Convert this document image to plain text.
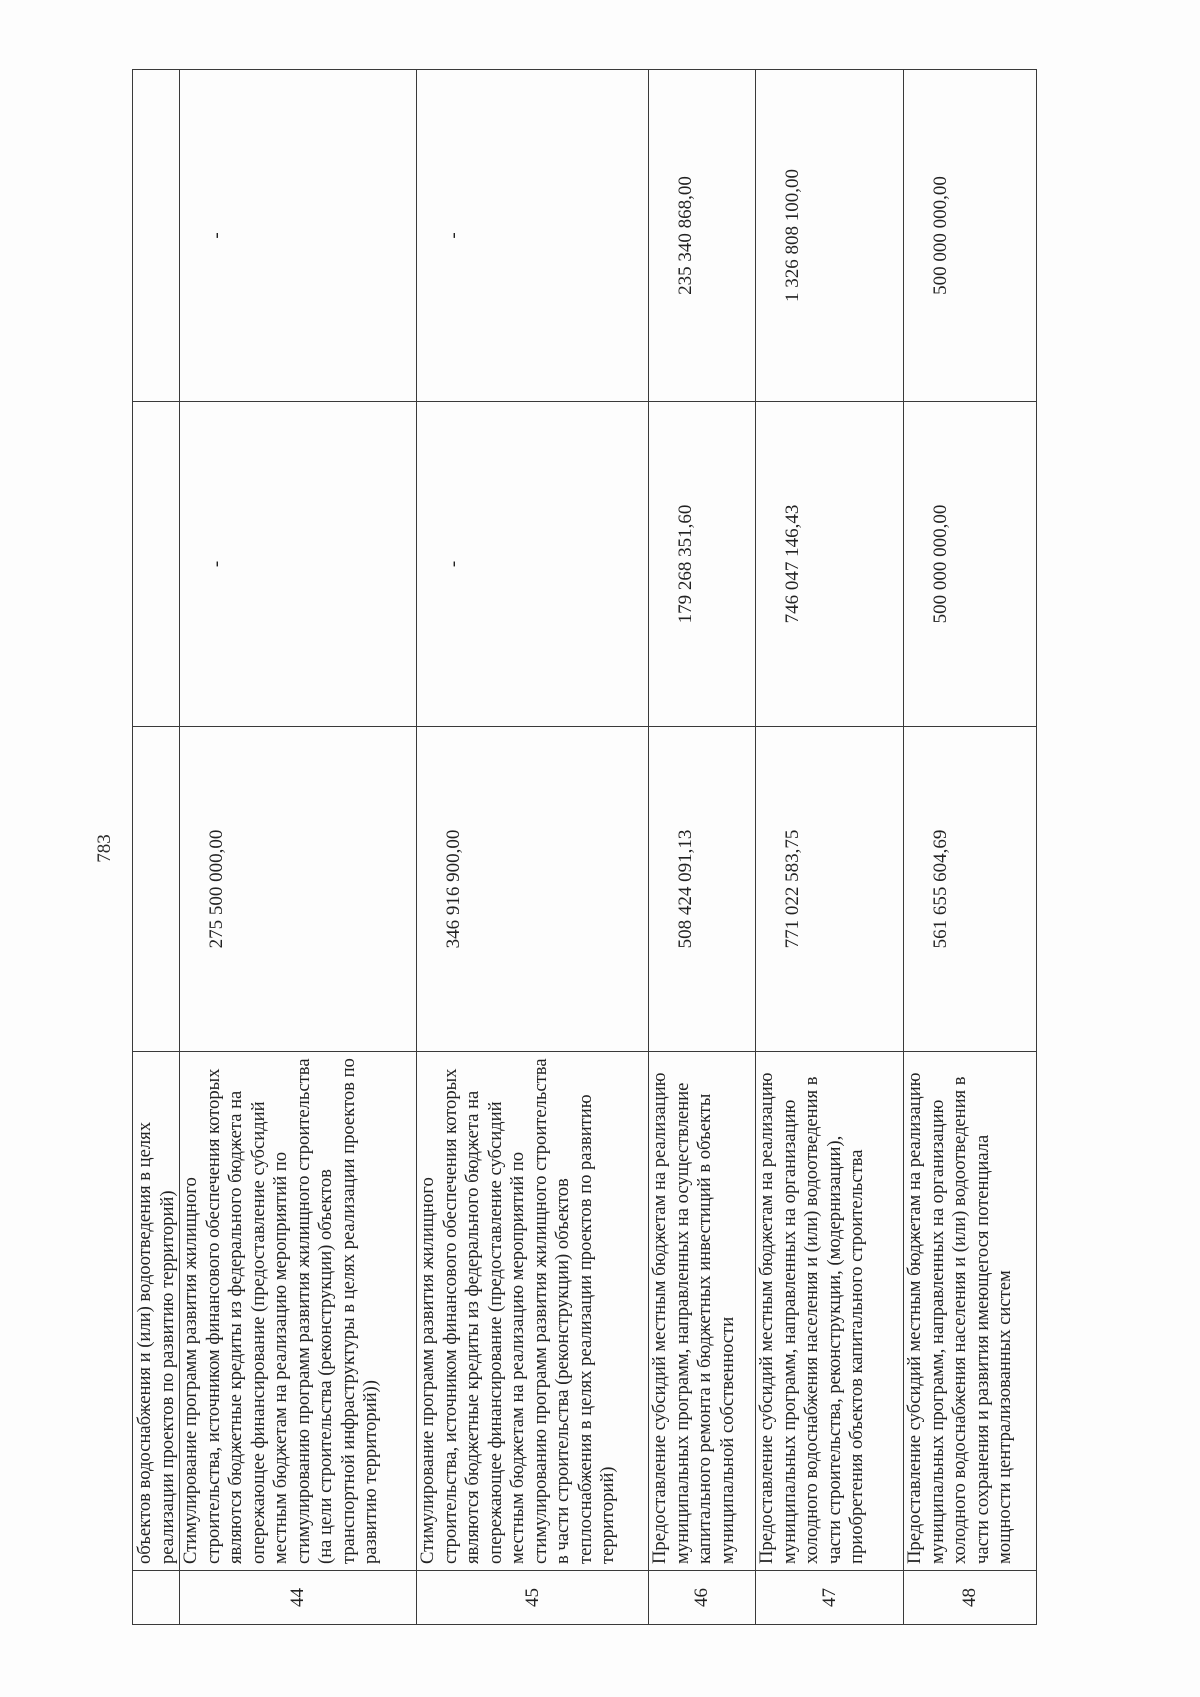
783
	объектов водоснабжения и (или) водоотведения в целях реализации проектов по развитию территорий)			
44	Стимулирование программ развития жилищного строительства, источником финансового обеспечения которых являются бюджетные кредиты из федерального бюджета на опережающее финансирование (предоставление субсидий местным бюджетам на реализацию мероприятий по стимулированию программ развития жилищного строительства (на цели строительства (реконструкции) объектов транспортной инфраструктуры в целях реализации проектов по развитию территорий))	275 500 000,00	-	-
45	Стимулирование программ развития жилищного строительства, источником финансового обеспечения которых являются бюджетные кредиты из федерального бюджета на опережающее финансирование (предоставление субсидий местным бюджетам на реализацию мероприятий по стимулированию программ развития жилищного строительства в части строительства (реконструкции) объектов теплоснабжения в целях реализации проектов по развитию территорий)	346 916 900,00	-	-
46	Предоставление субсидий местным бюджетам на реализацию муниципальных программ, направленных на осуществление капитального ремонта и бюджетных инвестиций в объекты муниципальной собственности	508 424 091,13	179 268 351,60	235 340 868,00
47	Предоставление субсидий местным бюджетам на реализацию муниципальных программ, направленных на организацию холодного водоснабжения населения и (или) водоотведения в части строительства, реконструкции, (модернизации), приобретения объектов капитального строительства	771 022 583,75	746 047 146,43	1 326 808 100,00
48	Предоставление субсидий местным бюджетам на реализацию муниципальных программ, направленных на организацию холодного водоснабжения населения и (или) водоотведения в части сохранения и развития имеющегося потенциала мощности централизованных систем	561 655 604,69	500 000 000,00	500 000 000,00
